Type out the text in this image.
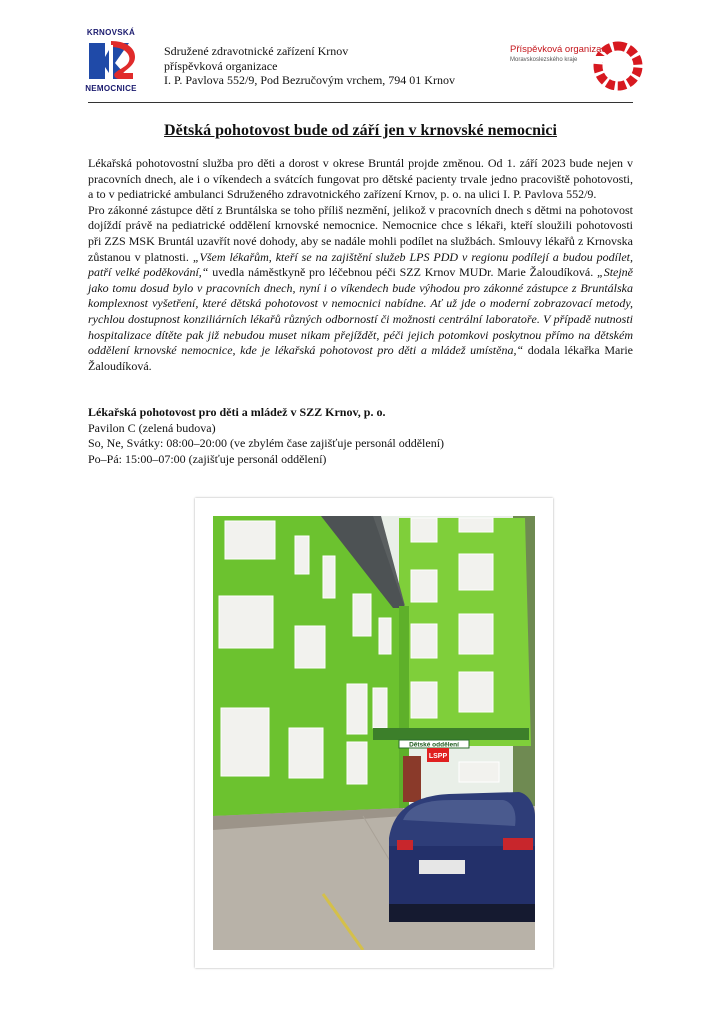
KRNOVSKÁ
NEMOCNICE
Sdružené zdravotnické zařízení Krnov
příspěvková organizace
I. P. Pavlova 552/9, Pod Bezručovým vrchem, 794 01 Krnov
Příspěvková organizace
Moravskoslezského kraje
Dětská pohotovost bude od září jen v krnovské nemocnici

Lékařská pohotovostní služba pro děti a dorost v okrese Bruntál projde změnou. Od 1. září 2023 bude nejen v pracovních dnech, ale i o víkendech a svátcích fungovat pro dětské pacienty trvale jedno pracoviště pohotovosti, a to v pediatrické ambulanci Sdruženého zdravotnického zařízení Krnov, p. o. na ulici I. P. Pavlova 552/9.

Pro zákonné zástupce dětí z Bruntálska se toho příliš nezmění, jelikož v pracovních dnech s dětmi na pohotovost dojíždí právě na pediatrické oddělení krnovské nemocnice. Nemocnice chce s lékaři, kteří sloužili pohotovosti při ZZS MSK Bruntál uzavřít nové dohody, aby se nadále mohli podílet na službách. Smlouvy lékařů z Krnovska zůstanou v platnosti. „Všem lékařům, kteří se na zajištění služeb LPS PDD v regionu podílejí a budou podílet, patří velké poděkování,“ uvedla náměstkyně pro léčebnou péči SZZ Krnov MUDr. Marie Žaloudíková. „Stejně jako tomu dosud bylo v pracovních dnech, nyní i o víkendech bude výhodou pro zákonné zástupce z Bruntálska komplexnost vyšetření, které dětská pohotovost v nemocnici nabídne. Ať už jde o moderní zobrazovací metody, rychlou dostupnost konziliárních lékařů různých odborností či možnosti centrální laboratoře. V případě nutnosti hospitalizace dítěte pak již nebudou muset nikam přejíždět, péči jejich potomkovi poskytnou přímo na dětském oddělení krnovské nemocnice, kde je lékařská pohotovost pro děti a mládež umístěna,“ dodala lékařka Marie Žaloudíková.

Lékařská pohotovost pro děti a mládež v SZZ Krnov, p. o.
Pavilon C (zelená budova)
So, Ne, Svátky: 08:00–20:00 (ve zbylém čase zajišťuje personál oddělení)
Po–Pá: 15:00–07:00 (zajišťuje personál oddělení)
Dětské oddělení
LSPP
